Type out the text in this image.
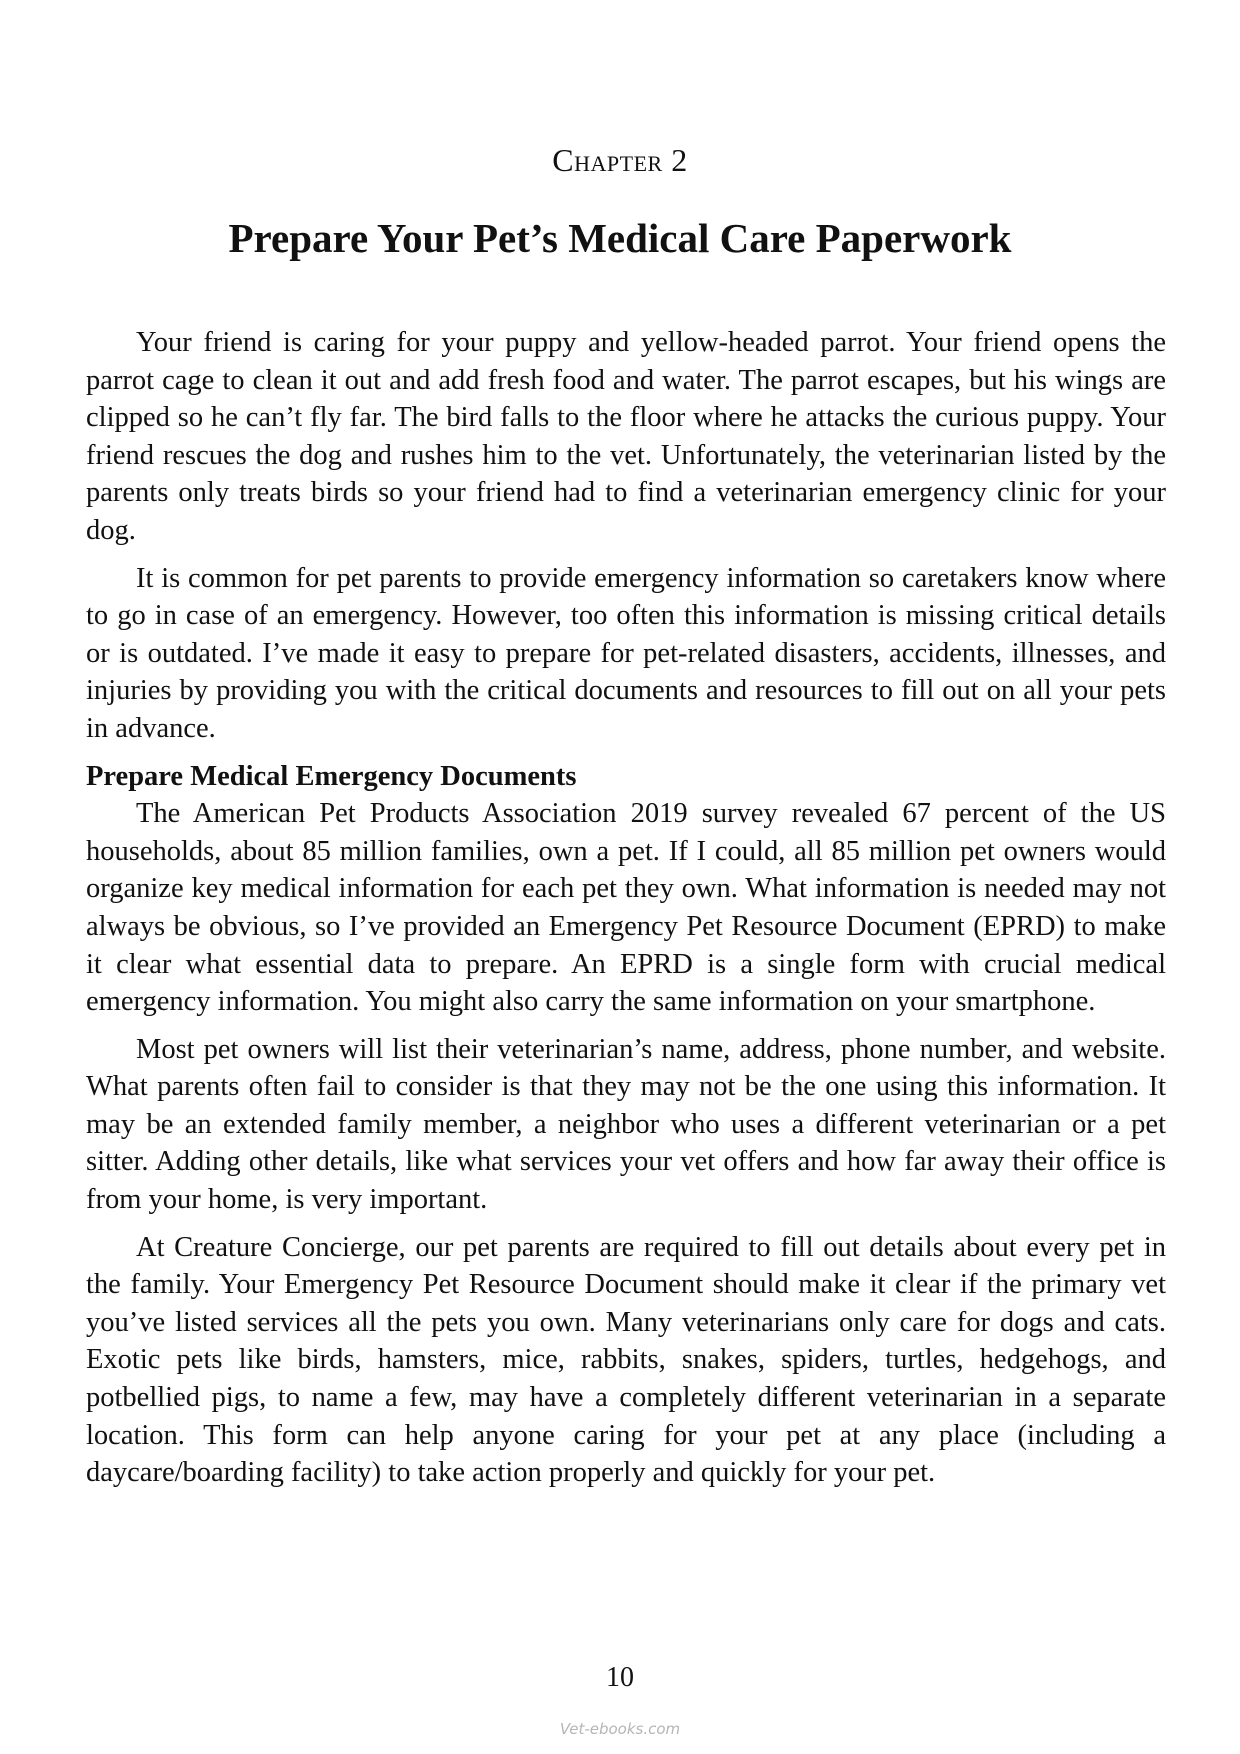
Chapter 2
Prepare Your Pet’s Medical Care Paperwork

Your friend is caring for your puppy and yellow-headed parrot. Your friend opens the parrot cage to clean it out and add fresh food and water. The parrot escapes, but his wings are clipped so he can’t fly far. The bird falls to the floor where he attacks the curious puppy. Your friend rescues the dog and rushes him to the vet. Unfortunately, the veterinarian listed by the parents only treats birds so your friend had to find a veterinarian emergency clinic for your dog.

It is common for pet parents to provide emergency information so caretakers know where to go in case of an emergency. However, too often this information is missing critical details or is outdated. I’ve made it easy to prepare for pet-related disasters, accidents, illnesses, and injuries by providing you with the critical documents and resources to fill out on all your pets in advance.

Prepare Medical Emergency Documents

The American Pet Products Association 2019 survey revealed 67 percent of the US households, about 85 million families, own a pet. If I could, all 85 million pet owners would organize key medical information for each pet they own. What information is needed may not always be obvious, so I’ve provided an Emergency Pet Resource Document (EPRD) to make it clear what essential data to prepare. An EPRD is a single form with crucial medical emergency information. You might also carry the same information on your smartphone.

Most pet owners will list their veterinarian’s name, address, phone number, and website. What parents often fail to consider is that they may not be the one using this information. It may be an extended family member, a neighbor who uses a different veterinarian or a pet sitter. Adding other details, like what services your vet offers and how far away their office is from your home, is very important.

At Creature Concierge, our pet parents are required to fill out details about every pet in the family. Your Emergency Pet Resource Document should make it clear if the primary vet you’ve listed services all the pets you own. Many veterinarians only care for dogs and cats. Exotic pets like birds, hamsters, mice, rabbits, snakes, spiders, turtles, hedgehogs, and potbellied pigs, to name a few, may have a completely different veterinarian in a separate location. This form can help anyone caring for your pet at any place (including a daycare/boarding facility) to take action properly and quickly for your pet.

10
Vet-ebooks.com
